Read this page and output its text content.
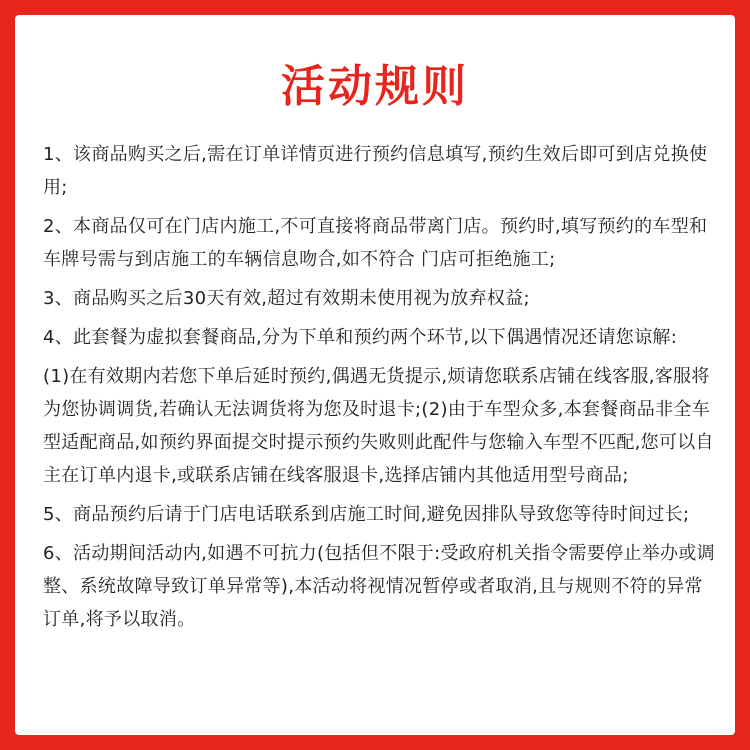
活动规则
1、该商品购买之后,需在订单详情页进行预约信息填写,预约生效后即可到店兑换使用;
2、本商品仅可在门店内施工,不可直接将商品带离门店。预约时,填写预约的车型和车牌号需与到店施工的车辆信息吻合,如不符合 门店可拒绝施工;
3、商品购买之后30天有效,超过有效期未使用视为放弃权益;
4、此套餐为虚拟套餐商品,分为下单和预约两个环节,以下偶遇情况还请您谅解:
(1)在有效期内若您下单后延时预约,偶遇无货提示,烦请您联系店铺在线客服,客服将为您协调调货,若确认无法调货将为您及时退卡;(2)由于车型众多,本套餐商品非全车型适配商品,如预约界面提交时提示预约失败则此配件与您输入车型不匹配,您可以自主在订单内退卡,或联系店铺在线客服退卡,选择店铺内其他适用型号商品;
5、商品预约后请于门店电话联系到店施工时间,避免因排队导致您等待时间过长;
6、活动期间活动内,如遇不可抗力(包括但不限于:受政府机关指令需要停止举办或调整、系统故障导致订单异常等),本活动将视情况暂停或者取消,且与规则不符的异常订单,将予以取消。
